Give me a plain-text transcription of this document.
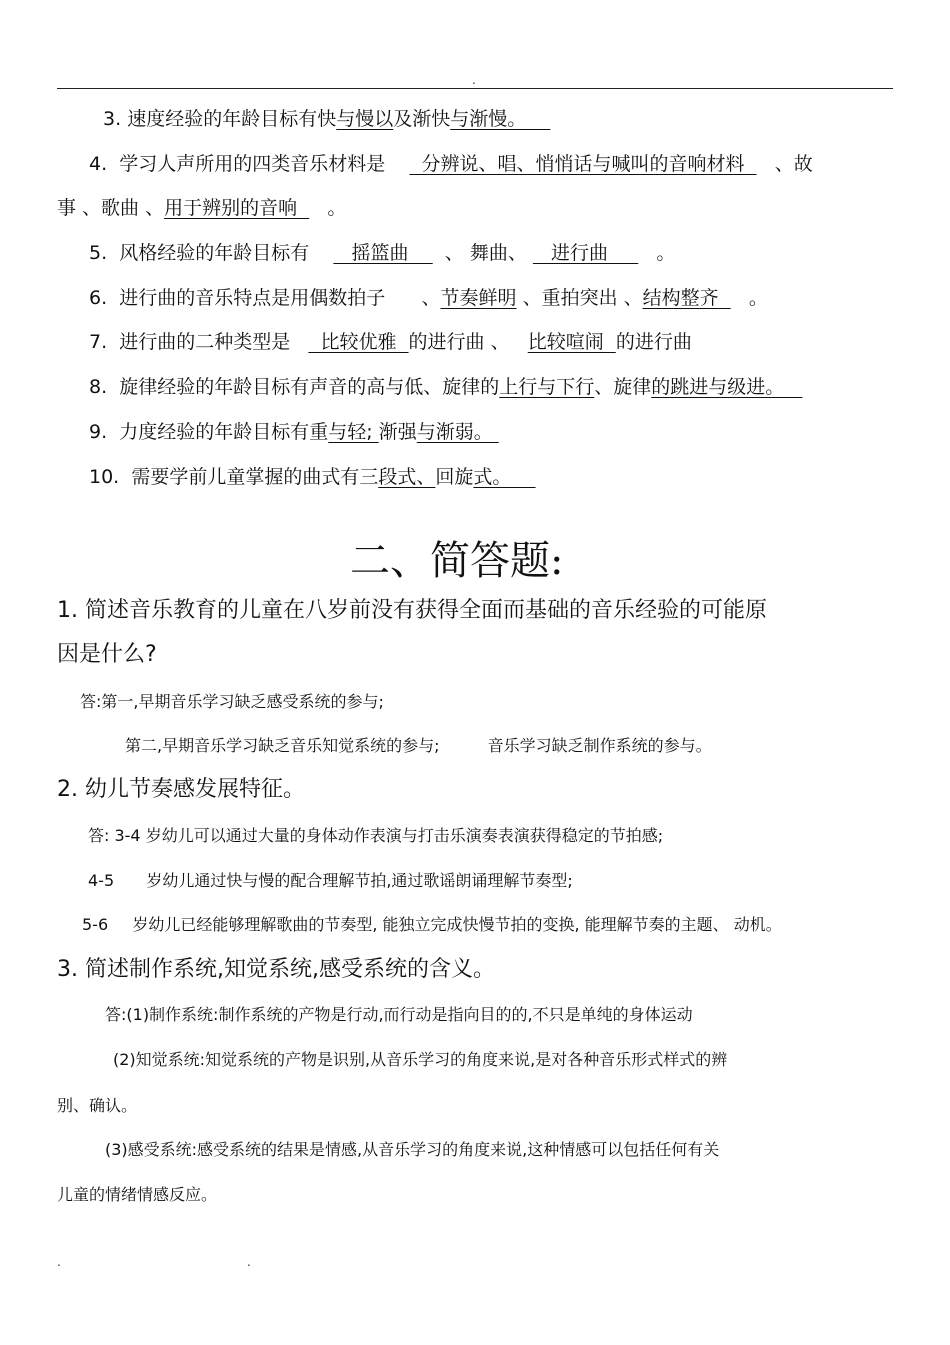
.
3. 速度经验的年龄目标有快与慢以及渐快与渐慢。
4. 学习人声所用的四类音乐材料是      分辨说、唱、悄悄话与喊叫的音响材料     、故
事 、歌曲 、用于辨别的音响     。
5. 风格经验的年龄目标有       摇篮曲      、 舞曲、    进行曲        。
6. 进行曲的音乐特点是用偶数拍子 、节奏鲜明 、重拍突出 、结构整齐     。
7. 进行曲的二种类型是     比较优雅  的进行曲 、 比较喧闹  的进行曲
8. 旋律经验的年龄目标有声音的高与低、旋律的上行与下行、旋律的跳进与级进。
9. 力度经验的年龄目标有重与轻; 渐强与渐弱。
10. 需要学前儿童掌握的曲式有三段式、回旋式。
二、简答题:
1. 简述音乐教育的儿童在八岁前没有获得全面而基础的音乐经验的可能原
因是什么?
答:第一,早期音乐学习缺乏感受系统的参与;
第二,早期音乐学习缺乏音乐知觉系统的参与;	音乐学习缺乏制作系统的参与。
2. 幼儿节奏感发展特征。
答: 3-4 岁幼儿可以通过大量的身体动作表演与打击乐演奏表演获得稳定的节拍感;
4-5 岁幼儿通过快与慢的配合理解节拍,通过歌谣朗诵理解节奏型;
5-6 岁幼儿已经能够理解歌曲的节奏型, 能独立完成快慢节拍的变换, 能理解节奏的主题、 动机。
3. 简述制作系统,知觉系统,感受系统的含义。
答:(1)制作系统:制作系统的产物是行动,而行动是指向目的的,不只是单纯的身体运动
(2)知觉系统:知觉系统的产物是识别,从音乐学习的角度来说,是对各种音乐形式样式的辨
别、确认。
(3)感受系统:感受系统的结果是情感,从音乐学习的角度来说,这种情感可以包括任何有关
儿童的情绪情感反应。
.	.
